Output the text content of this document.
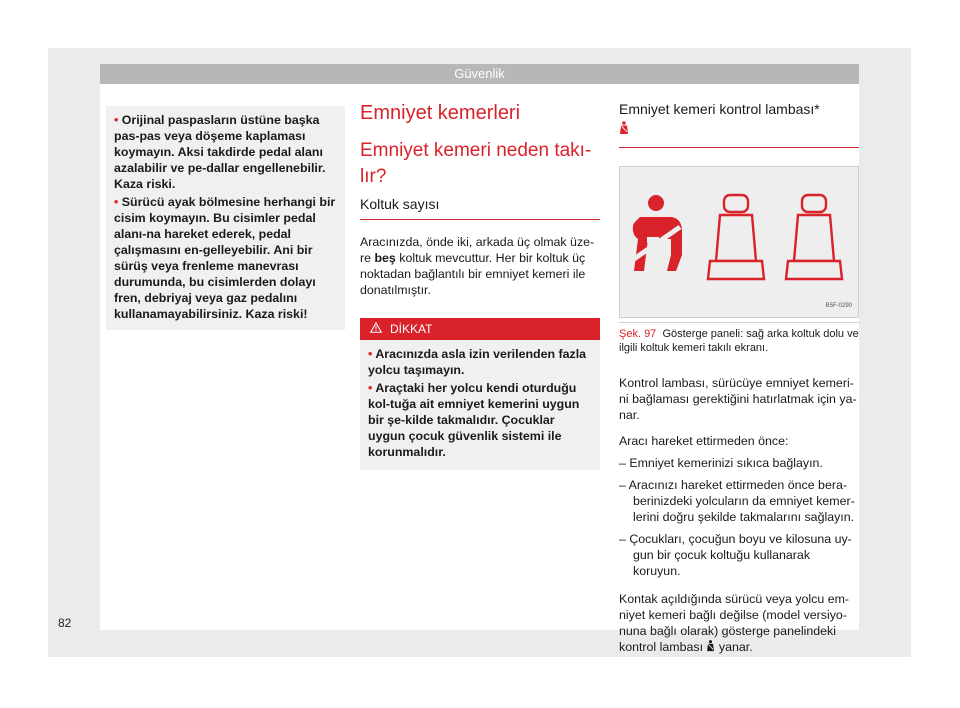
Güvenlik

• Orijinal paspasların üstüne başka pas-pas veya döşeme kaplaması koymayın. Aksi takdirde pedal alanı azalabilir ve pe-dallar engellenebilir. Kaza riski.

• Sürücü ayak bölmesine herhangi bir cisim koymayın. Bu cisimler pedal alanı-na hareket ederek, pedal çalışmasını en-gelleyebilir. Ani bir sürüş veya frenleme manevrası durumunda, bu cisimlerden dolayı fren, debriyaj veya gaz pedalını kullanamayabilirsiniz. Kaza riski!

Emniyet kemerleri
Emniyet kemeri neden takı-lır?
Koltuk sayısı

Aracınızda, önde iki, arkada üç olmak üze-re beş koltuk mevcuttur. Her bir koltuk üç noktadan bağlantılı bir emniyet kemeri ile donatılmıştır.

DİKKAT

• Aracınızda asla izin verilenden fazla yolcu taşımayın.

• Araçtaki her yolcu kendi oturduğu kol-tuğa ait emniyet kemerini uygun bir şe-kilde takmalıdır. Çocuklar uygun çocuk güvenlik sistemi ile korunmalıdır.

Emniyet kemeri kontrol lambası*
B5F-0290
Şek. 97 Gösterge paneli: sağ arka koltuk dolu ve ilgili koltuk kemeri takılı ekranı.

Kontrol lambası, sürücüye emniyet kemeri-ni bağlaması gerektiğini hatırlatmak için ya-nar.

Aracı hareket ettirmeden önce:

– Emniyet kemerinizi sıkıca bağlayın.
– Aracınızı hareket ettirmeden önce bera-berinizdeki yolcuların da emniyet kemer-lerini doğru şekilde takmalarını sağlayın.
– Çocukları, çocuğun boyu ve kilosuna uy-gun bir çocuk koltuğu kullanarak koruyun.

Kontak açıldığında sürücü veya yolcu em-niyet kemeri bağlı değilse (model versiyo-nuna bağlı olarak) gösterge panelindeki kontrol lambası  yanar.

82
